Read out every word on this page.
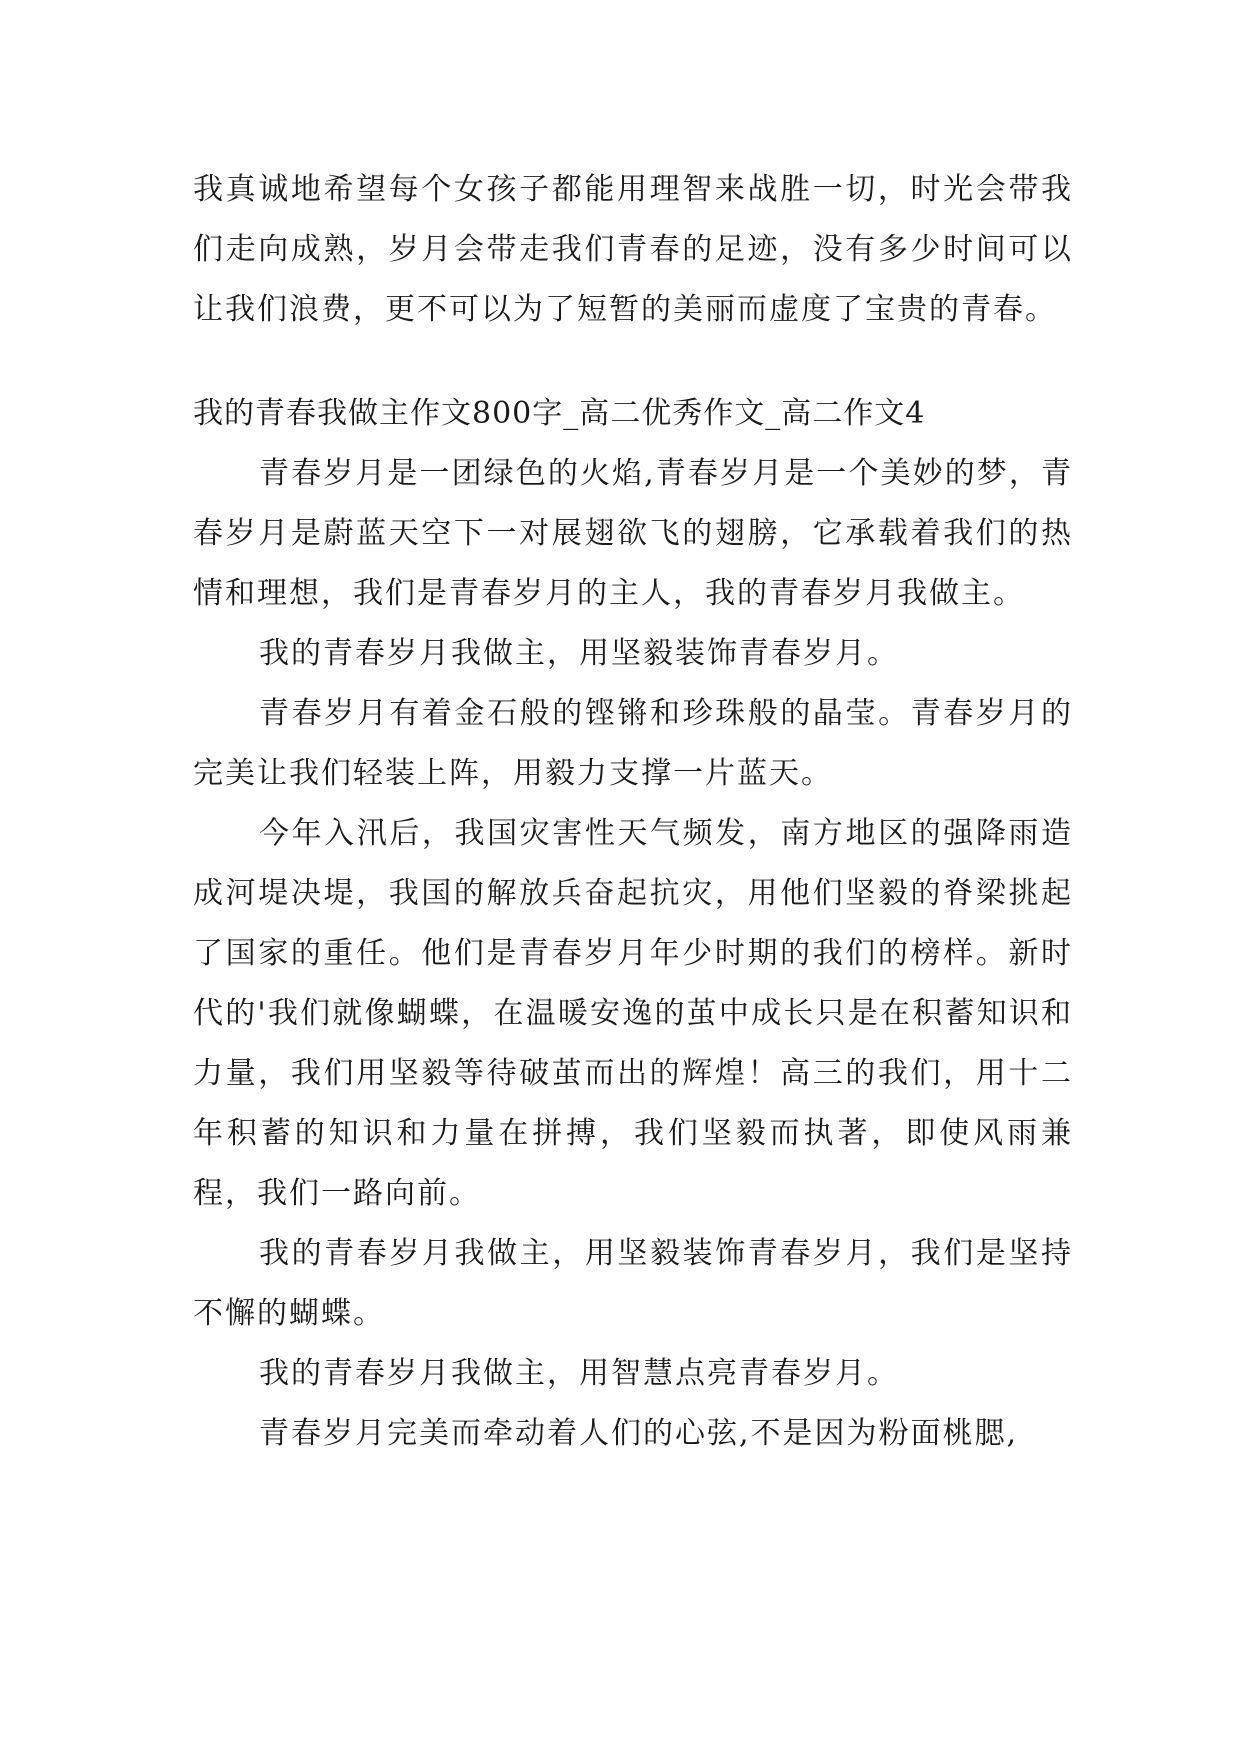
我真诚地希望每个女孩子都能用理智来战胜一切，时光会带我们走向成熟，岁月会带走我们青春的足迹，没有多少时间可以让我们浪费，更不可以为了短暂的美丽而虚度了宝贵的青春。

我的青春我做主作文800字_高二优秀作文_高二作文4

青春岁月是一团绿色的火焰,青春岁月是一个美妙的梦，青春岁月是蔚蓝天空下一对展翅欲飞的翅膀，它承载着我们的热情和理想，我们是青春岁月的主人，我的青春岁月我做主。

我的青春岁月我做主，用坚毅装饰青春岁月。

青春岁月有着金石般的铿锵和珍珠般的晶莹。青春岁月的完美让我们轻装上阵，用毅力支撑一片蓝天。

今年入汛后，我国灾害性天气频发，南方地区的强降雨造成河堤决堤，我国的解放兵奋起抗灾，用他们坚毅的脊梁挑起了国家的重任。他们是青春岁月年少时期的我们的榜样。新时代的'我们就像蝴蝶，在温暖安逸的茧中成长只是在积蓄知识和力量，我们用坚毅等待破茧而出的辉煌！高三的我们，用十二年积蓄的知识和力量在拼搏，我们坚毅而执著，即使风雨兼程，我们一路向前。

我的青春岁月我做主，用坚毅装饰青春岁月，我们是坚持不懈的蝴蝶。

我的青春岁月我做主，用智慧点亮青春岁月。

青春岁月完美而牵动着人们的心弦,不是因为粉面桃腮,
